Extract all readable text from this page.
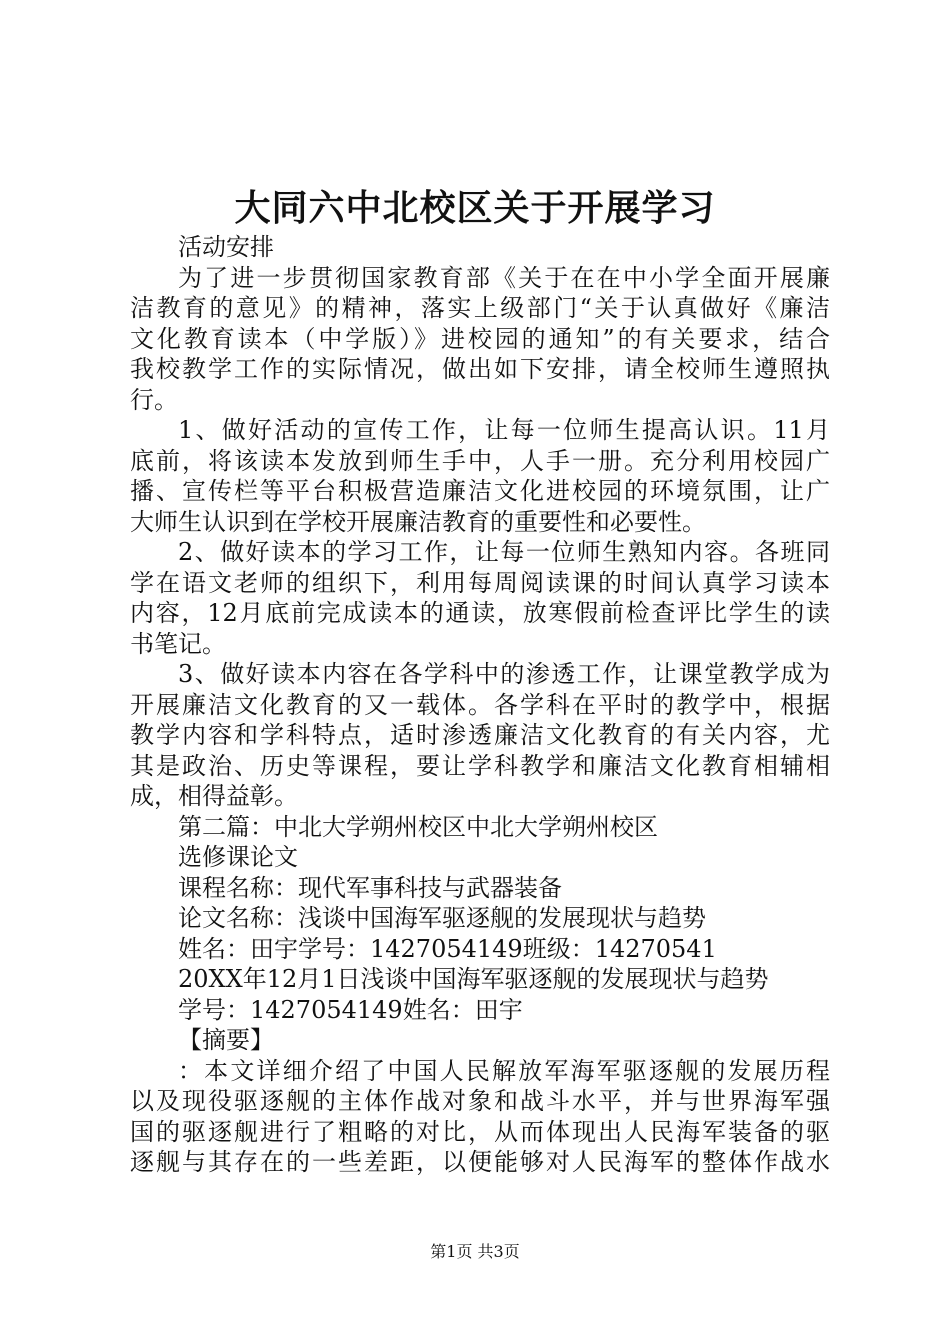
大同六中北校区关于开展学习
活动安排
为了进一步贯彻国家教育部《关于在在中小学全面开展廉
洁教育的意见》的精神，落实上级部门“关于认真做好《廉洁
文化教育读本（中学版）》进校园的通知”的有关要求，结合
我校教学工作的实际情况，做出如下安排，请全校师生遵照执
行。
1、做好活动的宣传工作，让每一位师生提高认识。11月
底前，将该读本发放到师生手中，人手一册。充分利用校园广
播、宣传栏等平台积极营造廉洁文化进校园的环境氛围，让广
大师生认识到在学校开展廉洁教育的重要性和必要性。
2、做好读本的学习工作，让每一位师生熟知内容。各班同
学在语文老师的组织下，利用每周阅读课的时间认真学习读本
内容，12月底前完成读本的通读，放寒假前检查评比学生的读
书笔记。
3、做好读本内容在各学科中的渗透工作，让课堂教学成为
开展廉洁文化教育的又一载体。各学科在平时的教学中，根据
教学内容和学科特点，适时渗透廉洁文化教育的有关内容，尤
其是政治、历史等课程，要让学科教学和廉洁文化教育相辅相
成，相得益彰。
第二篇：中北大学朔州校区中北大学朔州校区
选修课论文
课程名称：现代军事科技与武器装备
论文名称：浅谈中国海军驱逐舰的发展现状与趋势
姓名：田宇学号：1427054149班级：14270541
20XX年12月1日浅谈中国海军驱逐舰的发展现状与趋势
学号：1427054149姓名：田宇
【摘要】
：本文详细介绍了中国人民解放军海军驱逐舰的发展历程
以及现役驱逐舰的主体作战对象和战斗水平，并与世界海军强
国的驱逐舰进行了粗略的对比，从而体现出人民海军装备的驱
逐舰与其存在的一些差距，以便能够对人民海军的整体作战水
第1页 共3页
